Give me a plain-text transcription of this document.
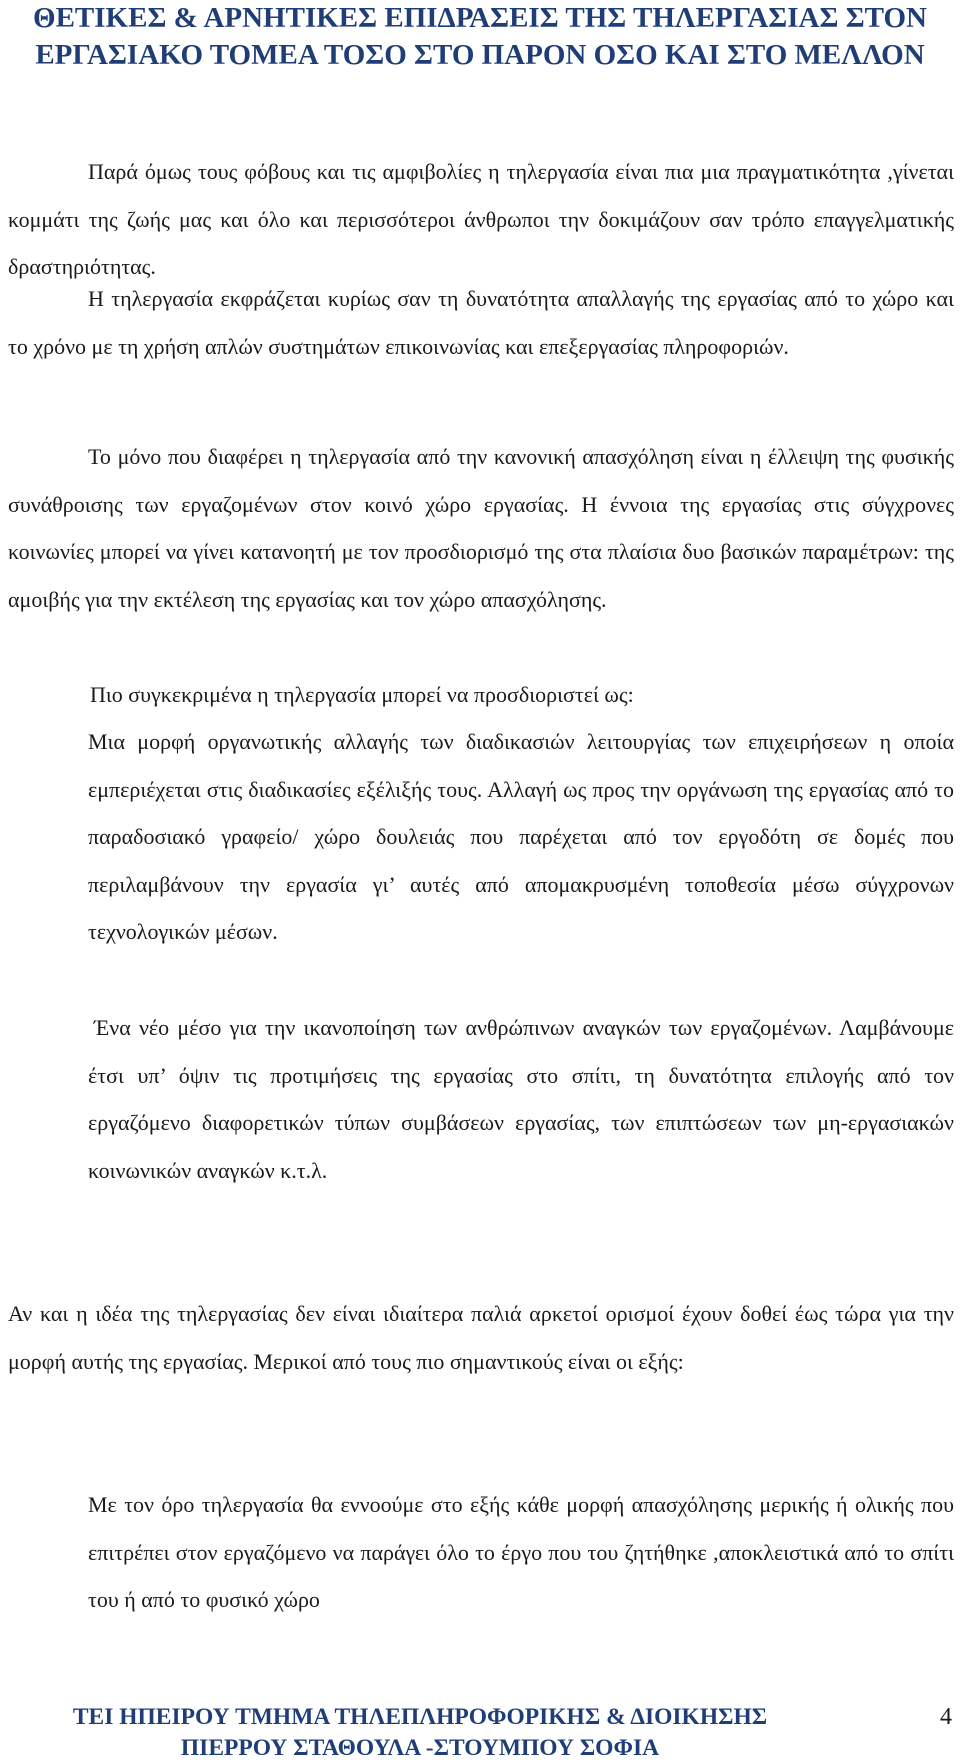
ΘΕΤΙΚΕΣ & ΑΡΝΗΤΙΚΕΣ ΕΠΙΔΡΑΣΕΙΣ ΤΗΣ ΤΗΛΕΡΓΑΣΙΑΣ ΣΤΟΝ ΕΡΓΑΣΙΑΚΟ ΤΟΜΕΑ ΤΟΣΟ ΣΤΟ ΠΑΡΟΝ ΟΣΟ ΚΑΙ ΣΤΟ ΜΕΛΛΟΝ

Παρά όμως τους φόβους και τις αμφιβολίες η τηλεργασία είναι πια μια πραγματικότητα ,γίνεται κομμάτι της ζωής μας και όλο και περισσότεροι άνθρωποι την δοκιμάζουν σαν τρόπο επαγγελματικής δραστηριότητας.

Η τηλεργασία εκφράζεται κυρίως σαν τη δυνατότητα απαλλαγής της εργασίας από το χώρο και το χρόνο με τη χρήση απλών συστημάτων επικοινωνίας και επεξεργασίας πληροφοριών.

Το μόνο που διαφέρει η τηλεργασία από την κανονική απασχόληση είναι η έλλειψη της φυσικής συνάθροισης των εργαζομένων στον κοινό χώρο εργασίας. Η έννοια της εργασίας στις σύγχρονες κοινωνίες μπορεί να γίνει κατανοητή με τον προσδιορισμό της στα πλαίσια δυο βασικών παραμέτρων: της αμοιβής για την εκτέλεση της εργασίας και τον χώρο απασχόλησης.

Πιο συγκεκριμένα η τηλεργασία μπορεί να προσδιοριστεί ως:

Μια μορφή οργανωτικής αλλαγής των διαδικασιών λειτουργίας των επιχειρήσεων η οποία εμπεριέχεται στις διαδικασίες εξέλιξής τους. Αλλαγή ως προς την οργάνωση της εργασίας από το παραδοσιακό γραφείο/ χώρο δουλειάς που παρέχεται από τον εργοδότη σε δομές που περιλαμβάνουν την εργασία γι’ αυτές από απομακρυσμένη τοποθεσία μέσω σύγχρονων τεχνολογικών μέσων.

Ένα νέο μέσο για την ικανοποίηση των ανθρώπινων αναγκών των εργαζομένων. Λαμβάνουμε έτσι υπ’ όψιν τις προτιμήσεις της εργασίας στο σπίτι, τη δυνατότητα επιλογής από τον εργαζόμενο διαφορετικών τύπων συμβάσεων εργασίας, των επιπτώσεων των μη-εργασιακών κοινωνικών αναγκών κ.τ.λ.

Αν και η ιδέα της τηλεργασίας δεν είναι ιδιαίτερα παλιά αρκετοί ορισμοί έχουν δοθεί έως τώρα για την μορφή αυτής της εργασίας. Μερικοί από τους πιο σημαντικούς είναι οι εξής:

Με τον όρο τηλεργασία θα εννοούμε στο εξής κάθε μορφή απασχόλησης μερικής ή ολικής που επιτρέπει στον εργαζόμενο να παράγει όλο το έργο που του ζητήθηκε ,αποκλειστικά από το σπίτι του ή από το φυσικό χώρο

ΤΕΙ ΗΠΕΙΡΟΥ ΤΜΗΜΑ ΤΗΛΕΠΛΗΡΟΦΟΡΙΚΗΣ & ΔΙΟΙΚΗΣΗΣ
ΠΙΕΡΡΟΥ ΣΤΑΘΟΥΛΑ -ΣΤΟΥΜΠΟΥ ΣΟΦΙΑ
4
